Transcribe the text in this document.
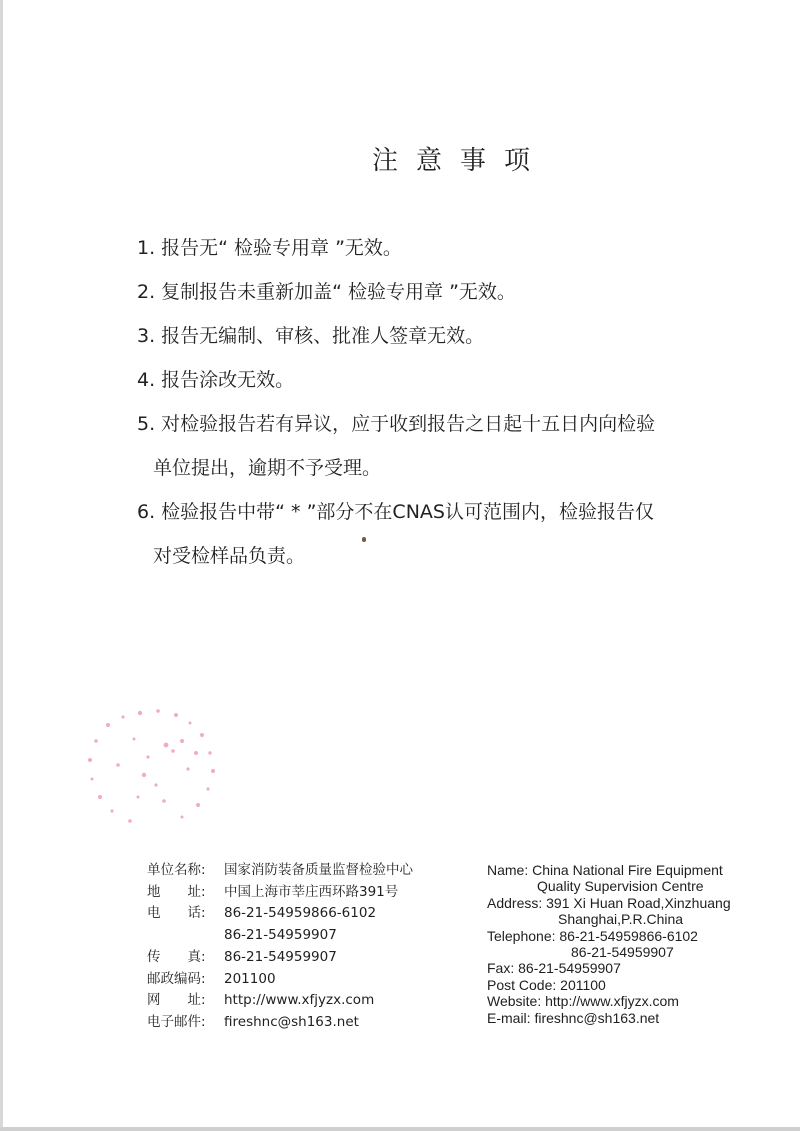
注意事项
1. 报告无“ 检验专用章 ”无效。
2. 复制报告未重新加盖“ 检验专用章 ”无效。
3. 报告无编制、审核、批准人签章无效。
4. 报告涂改无效。
5. 对检验报告若有异议，应于收到报告之日起十五日内向检验
单位提出，逾期不予受理。
6. 检验报告中带“ * ”部分不在CNAS认可范围内，检验报告仅
对受检样品负责。
单位名称:	国家消防装备质量监督检验中心
地　　址:	中国上海市莘庄西环路391号
电　　话:	86-21-54959866-6102
86-21-54959907
传　　真:	86-21-54959907
邮政编码:	201100
网　　址:	http://www.xfjyzx.com
电子邮件:	fireshnc@sh163.net
Name: China National Fire Equipment
Quality Supervision Centre
Address: 391 Xi Huan Road,Xinzhuang
Shanghai,P.R.China
Telephone: 86-21-54959866-6102
86-21-54959907
Fax: 86-21-54959907
Post Code: 201100
Website: http://www.xfjyzx.com
E-mail: fireshnc@sh163.net
